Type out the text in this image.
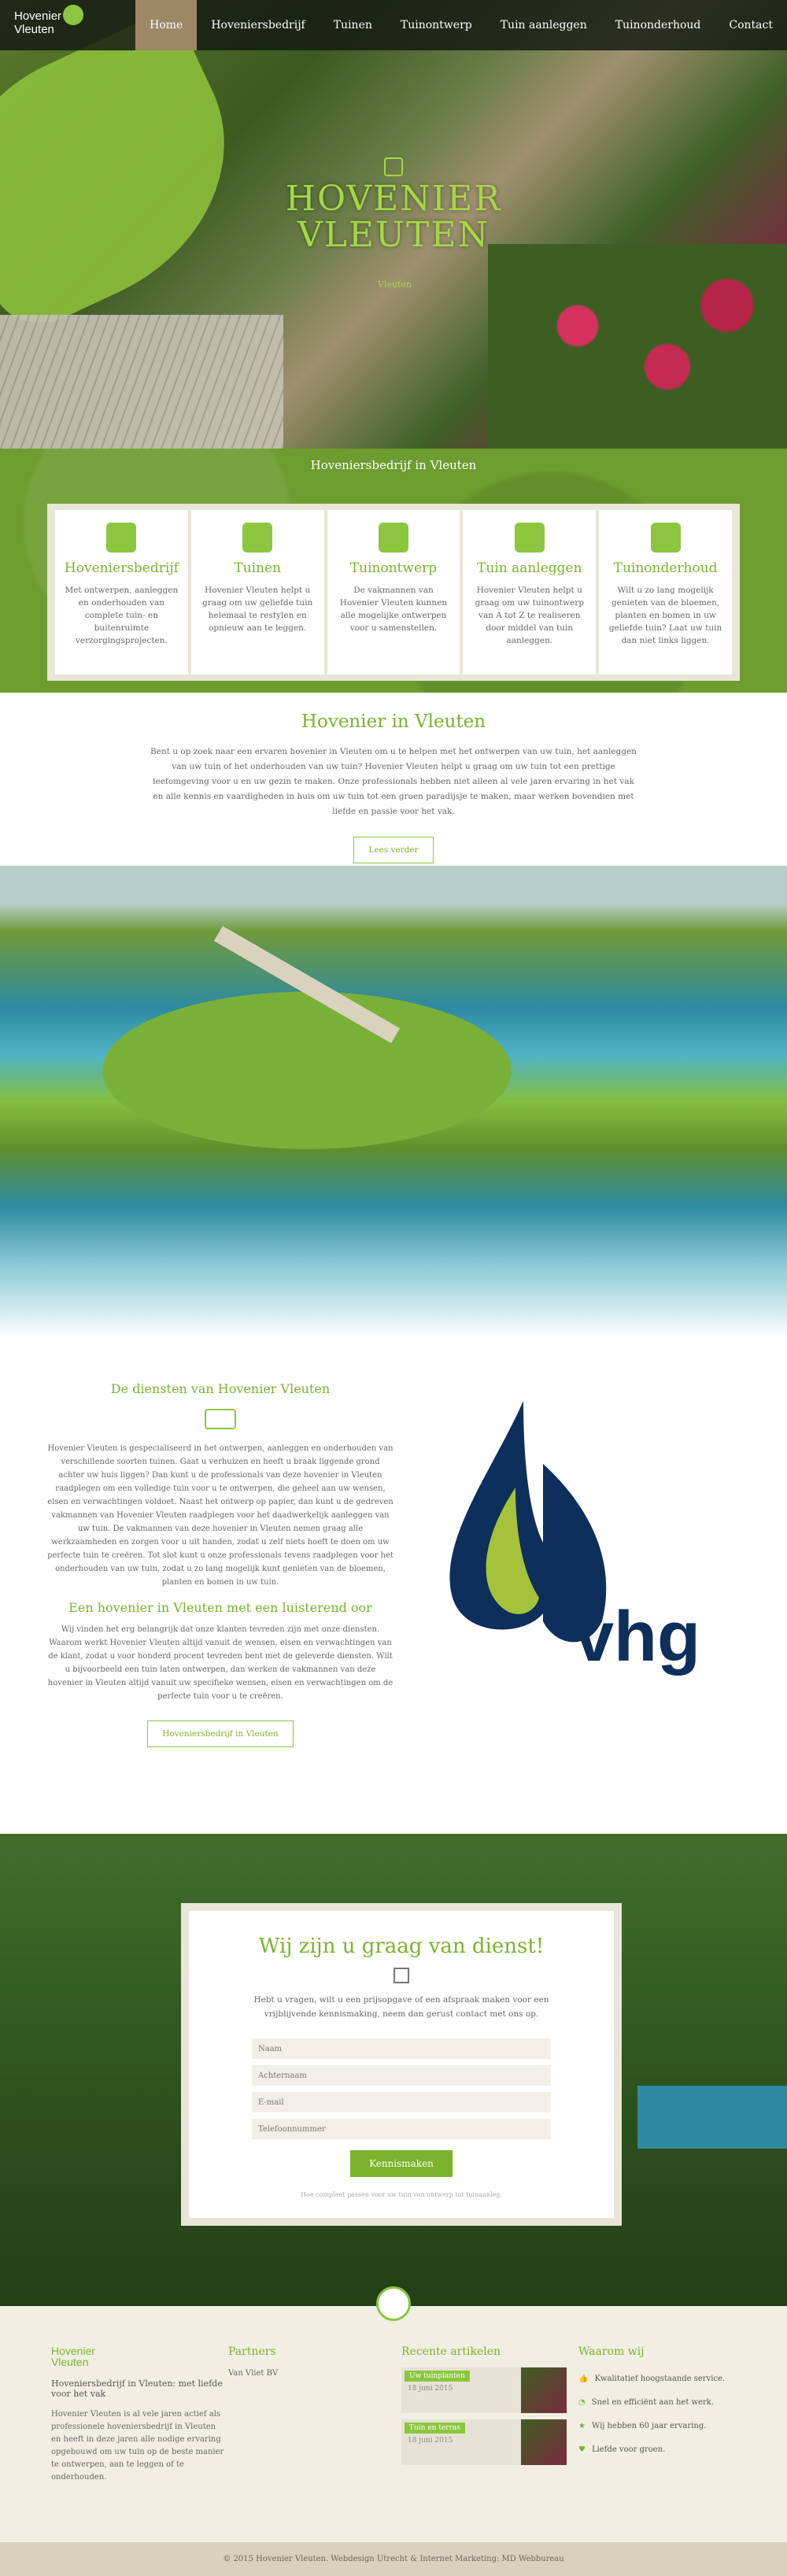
HOVENIER
VLEUTEN
Vleuten
Hovenier
Vleuten	Home	Hoveniersbedrijf	Tuinen	Tuinontwerp	Tuin aanleggen	Tuinonderhoud	Contact
Hoveniersbedrijf in Vleuten
Hoveniersbedrijf

Met ontwerpen, aanleggen en onderhouden van complete tuin- en buitenruimte verzorgingsprojecten.

Tuinen

Hovenier Vleuten helpt u graag om uw geliefde tuin helemaal te restylen en opnieuw aan te leggen.

Tuinontwerp

De vakmannen van Hovenier Vleuten kunnen alle mogelijke ontwerpen voor u samenstellen.

Tuin aanleggen

Hovenier Vleuten helpt u graag om uw tuinontwerp van A tot Z te realiseren door middel van tuin aanleggen.

Tuinonderhoud

Wilt u zo lang mogelijk genieten van de bloemen, planten en bomen in uw geliefde tuin? Laat uw tuin dan niet links liggen.

Hovenier in Vleuten

Bent u op zoek naar een ervaren hovenier in Vleuten om u te helpen met het ontwerpen van uw tuin, het aanleggen van uw tuin of het onderhouden van uw tuin? Hovenier Vleuten helpt u graag om uw tuin tot een prettige leefomgeving voor u en uw gezin te maken. Onze professionals hebben niet alleen al vele jaren ervaring in het vak en alle kennis en vaardigheden in huis om uw tuin tot een groen paradijsje te maken, maar werken bovendien met liefde en passie voor het vak.

Lees verder
De diensten van Hovenier Vleuten

Hovenier Vleuten is gespecialiseerd in het ontwerpen, aanleggen en onderhouden van verschillende soorten tuinen. Gaat u verhuizen en heeft u braak liggende grond achter uw huis liggen? Dan kunt u de professionals van deze hovenier in Vleuten raadplegen om een volledige tuin voor u te ontwerpen, die geheel aan uw wensen, eisen en verwachtingen voldoet. Naast het ontwerp op papier, dan kunt u de gedreven vakmannen van Hovenier Vleuten raadplegen voor het daadwerkelijk aanleggen van uw tuin. De vakmannen van deze hovenier in Vleuten nemen graag alle werkzaamheden en zorgen voor u uit handen, zodat u zelf niets hoeft te doen om uw perfecte tuin te creëren. Tot slot kunt u onze professionals tevens raadplegen voor het onderhouden van uw tuin, zodat u zo lang mogelijk kunt genieten van de bloemen, planten en bomen in uw tuin.

Een hovenier in Vleuten met een luisterend oor

Wij vinden het erg belangrijk dat onze klanten tevreden zijn met onze diensten. Waarom werkt Hovenier Vleuten altijd vanuit de wensen, eisen en verwachtingen van de klant, zodat u voor honderd procent tevreden bent met de geleverde diensten. Wilt u bijvoorbeeld een tuin laten ontwerpen, dan werken de vakmannen van deze hovenier in Vleuten altijd vanuit uw specifieke wensen, eisen en verwachtingen om de perfecte tuin voor u te creëren.

Hoveniersbedrijf in Vleuten
vhg
Wij zijn u graag van dienst!

Hebt u vragen, wilt u een prijsopgave of een afspraak maken voor een vrijblijvende kennismaking, neem dan gerust contact met ons op.

Naam
Achternaam
E-mail
Telefoonnummer Kennismaken

Hoe compleet passen voor uw tuin van ontwerp tot tuinaanleg.

Hovenier
Vleuten
Hoveniersbedrijf in Vleuten: met liefde voor het vak

Hovenier Vleuten is al vele jaren actief als professionele hoveniersbedrijf in Vleuten en heeft in deze jaren alle nodige ervaring opgebouwd om uw tuin op de beste manier te ontwerpen, aan te leggen of te onderhouden.

Partners

Van Vliet BV

Recente artikelen
Uw tuinplanten
18 juni 2015
Tuin en terras
18 juni 2015
Waarom wij
👍 Kwalitatief hoogstaande service.
◔ Snel en efficiënt aan het werk.
★ Wij hebben 60 jaar ervaring.
♥ Liefde voor groen.
© 2015 Hovenier Vleuten. Webdesign Utrecht & Internet Marketing: MD Webbureau
